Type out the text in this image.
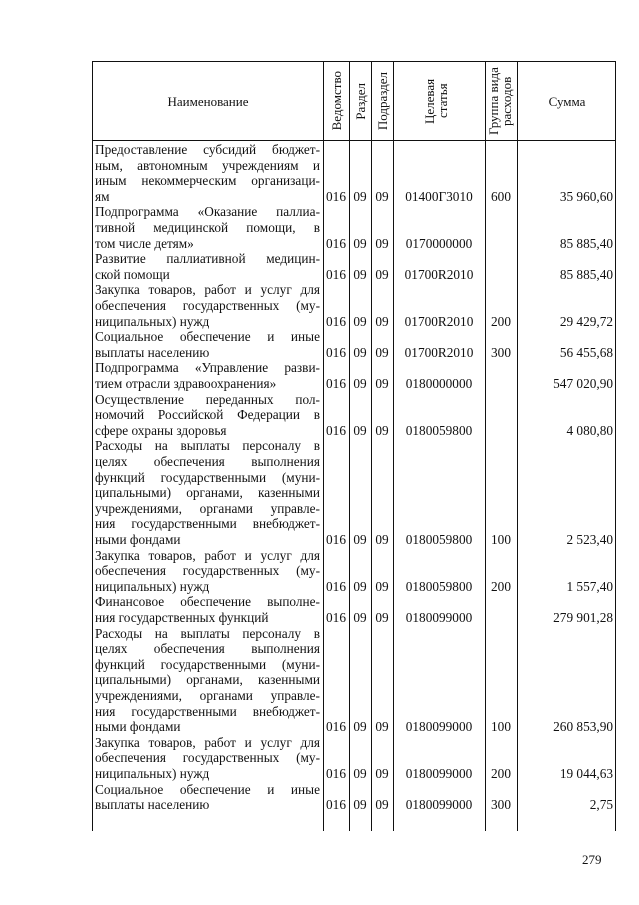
Наименование	Ведомство Раздел Подраздел	Целевая статья	Группа вида расходов	Сумма
Предоставление субсидий бюджет-
ным, автономным учреждениям и
иным некоммерческим организаци-
ям	016 09 09	01400Г3010	600	35 960,60
Подпрограмма «Оказание паллиа-
тивной медицинской помощи, в
том числе детям»	016 09 09	0170000000	85 885,40
Развитие паллиативной медицин-
ской помощи	016 09 09	01700R2010	85 885,40
Закупка товаров, работ и услуг для
обеспечения государственных (му-
ниципальных) нужд	016 09 09	01700R2010	200	29 429,72
Социальное обеспечение и иные
выплаты населению	016 09 09	01700R2010	300	56 455,68
Подпрограмма «Управление разви-
тием отрасли здравоохранения»	016 09 09	0180000000	547 020,90
Осуществление переданных пол-
номочий Российской Федерации в
сфере охраны здоровья	016 09 09	0180059800	4 080,80
Расходы на выплаты персоналу в
целях обеспечения выполнения
функций государственными (муни-
ципальными) органами, казенными
учреждениями, органами управле-
ния государственными внебюджет-
ными фондами	016 09 09	0180059800	100	2 523,40
Закупка товаров, работ и услуг для
обеспечения государственных (му-
ниципальных) нужд	016 09 09	0180059800	200	1 557,40
Финансовое обеспечение выполне-
ния государственных функций	016 09 09	0180099000	279 901,28
Расходы на выплаты персоналу в
целях обеспечения выполнения
функций государственными (муни-
ципальными) органами, казенными
учреждениями, органами управле-
ния государственными внебюджет-
ными фондами	016 09 09	0180099000	100	260 853,90
Закупка товаров, работ и услуг для
обеспечения государственных (му-
ниципальных) нужд	016 09 09	0180099000	200	19 044,63
Социальное обеспечение и иные
выплаты населению	016 09 09	0180099000	300	2,75
279
